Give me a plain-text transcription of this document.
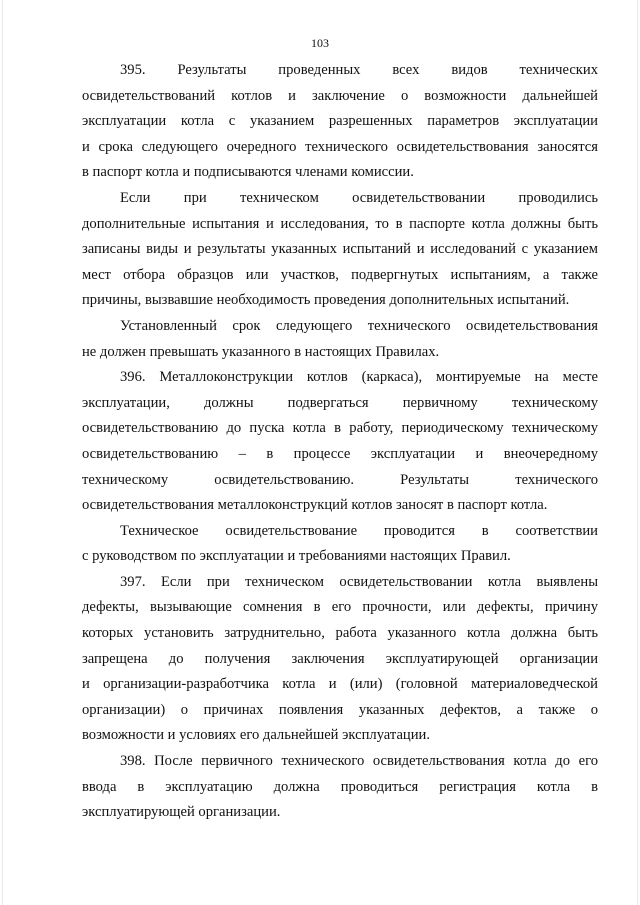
103
395. Результаты проведенных всех видов технических
освидетельствований котлов и заключение о возможности дальнейшей
эксплуатации котла с указанием разрешенных параметров эксплуатации
и срока следующего очередного технического освидетельствования заносятся
в паспорт котла и подписываются членами комиссии.
Если при техническом освидетельствовании проводились
дополнительные испытания и исследования, то в паспорте котла должны быть
записаны виды и результаты указанных испытаний и исследований с указанием
мест отбора образцов или участков, подвергнутых испытаниям, а также
причины, вызвавшие необходимость проведения дополнительных испытаний.
Установленный срок следующего технического освидетельствования
не должен превышать указанного в настоящих Правилах.
396. Металлоконструкции котлов (каркаса), монтируемые на месте
эксплуатации, должны подвергаться первичному техническому
освидетельствованию до пуска котла в работу, периодическому техническому
освидетельствованию – в процессе эксплуатации и внеочередному
техническому освидетельствованию. Результаты технического
освидетельствования металлоконструкций котлов заносят в паспорт котла.
Техническое освидетельствование проводится в соответствии
с руководством по эксплуатации и требованиями настоящих Правил.
397. Если при техническом освидетельствовании котла выявлены
дефекты, вызывающие сомнения в его прочности, или дефекты, причину
которых установить затруднительно, работа указанного котла должна быть
запрещена до получения заключения эксплуатирующей организации
и организации-разработчика котла и (или) (головной материаловедческой
организации) о причинах появления указанных дефектов, а также о
возможности и условиях его дальнейшей эксплуатации.
398. После первичного технического освидетельствования котла до его
ввода в эксплуатацию должна проводиться регистрация котла в
эксплуатирующей организации.
